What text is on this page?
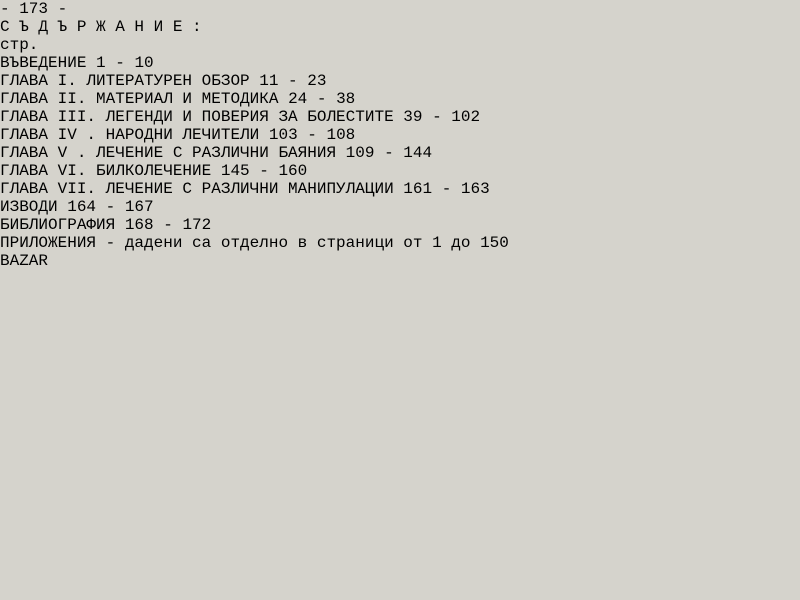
- 173 -
С Ъ Д Ъ Р Ж А Н И Е :
стр.
ВЪВЕДЕНИЕ 1 - 10
ГЛАВА I. ЛИТЕРАТУРЕН ОБЗОР 11 - 23
ГЛАВА II. МАТЕРИАЛ И МЕТОДИКА 24 - 38
ГЛАВА III. ЛЕГЕНДИ И ПОВЕРИЯ ЗА БОЛЕСТИТЕ 39 - 102
ГЛАВА IV . НАРОДНИ ЛЕЧИТЕЛИ 103 - 108
ГЛАВА V . ЛЕЧЕНИЕ С РАЗЛИЧНИ БАЯНИЯ 109 - 144
ГЛАВА VI. БИЛКОЛЕЧЕНИЕ 145 - 160
ГЛАВА VII. ЛЕЧЕНИЕ С РАЗЛИЧНИ МАНИПУЛАЦИИ 161 - 163
ИЗВОДИ 164 - 167
БИБЛИОГРАФИЯ 168 - 172
ПРИЛОЖЕНИЯ - дадени са отделно в страници от 1 до 150
BAZAR
